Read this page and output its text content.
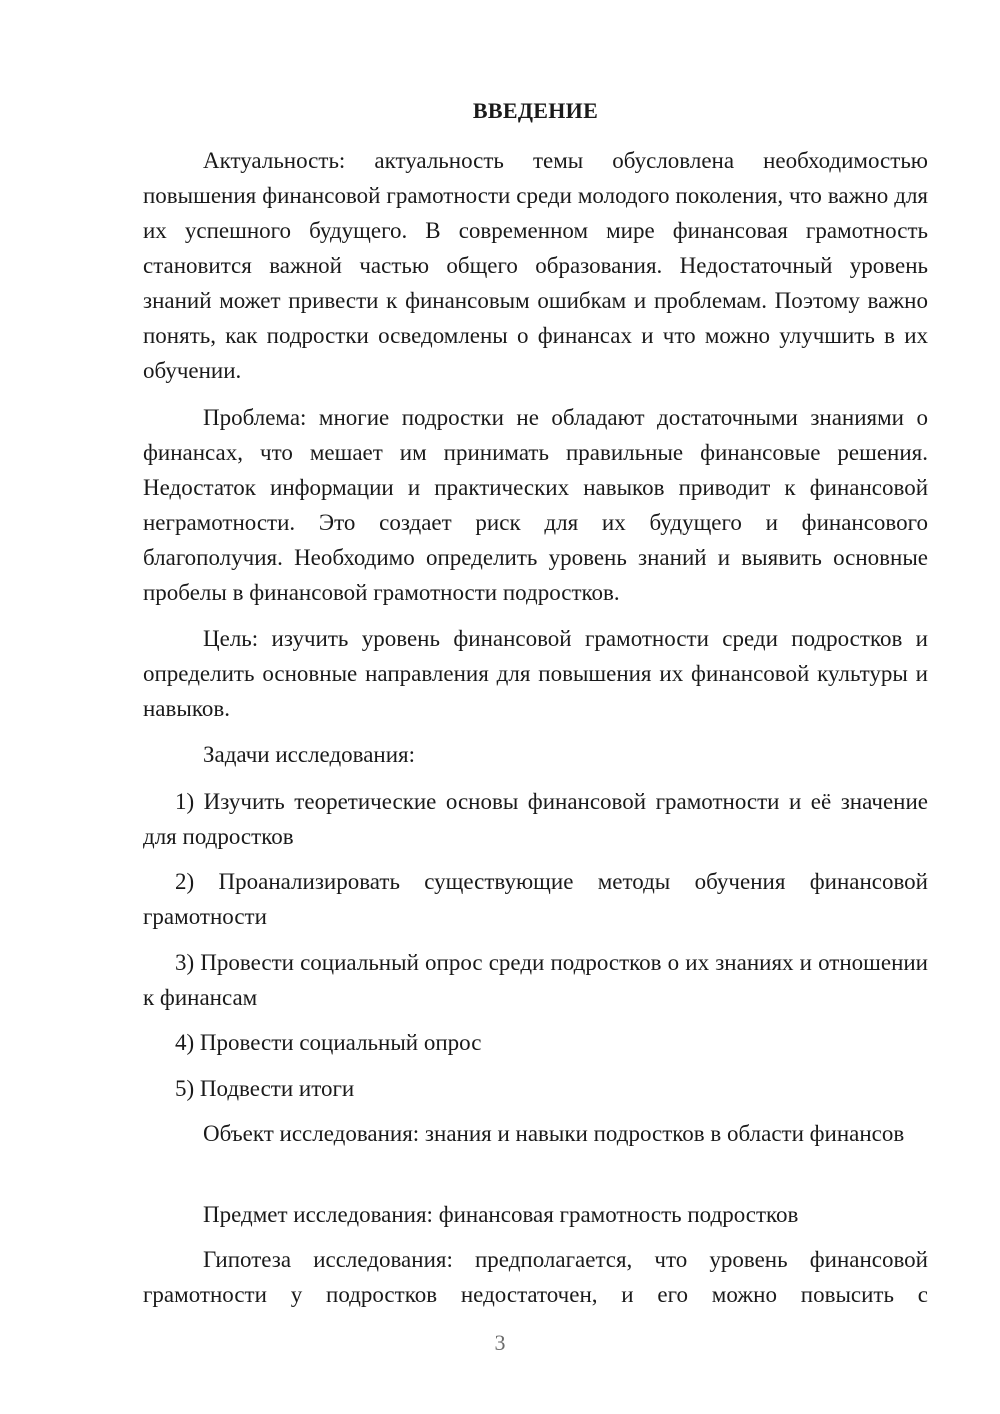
ВВЕДЕНИЕ

Актуальность: актуальность темы обусловлена необходимостью повышения финансовой грамотности среди молодого поколения, что важно для их успешного будущего. В современном мире финансовая грамотность становится важной частью общего образования. Недостаточный уровень знаний может привести к финансовым ошибкам и проблемам. Поэтому важно понять, как подростки осведомлены о финансах и что можно улучшить в их обучении.

Проблема: многие подростки не обладают достаточными знаниями о финансах, что мешает им принимать правильные финансовые решения. Недостаток информации и практических навыков приводит к финансовой неграмотности. Это создает риск для их будущего и финансового благополучия. Необходимо определить уровень знаний и выявить основные пробелы в финансовой грамотности подростков.

Цель: изучить уровень финансовой грамотности среди подростков и определить основные направления для повышения их финансовой культуры и навыков.

Задачи исследования:

1) Изучить теоретические основы финансовой грамотности и её значение для подростков

2) Проанализировать существующие методы обучения финансовой грамотности

3) Провести социальный опрос среди подростков о их знаниях и отношении к финансам

4) Провести социальный опрос

5) Подвести итоги

Объект исследования: знания и навыки подростков в области финансов

Предмет исследования: финансовая грамотность подростков

Гипотеза исследования: предполагается, что уровень финансовой грамотности у подростков недостаточен, и его можно повысить с

3
